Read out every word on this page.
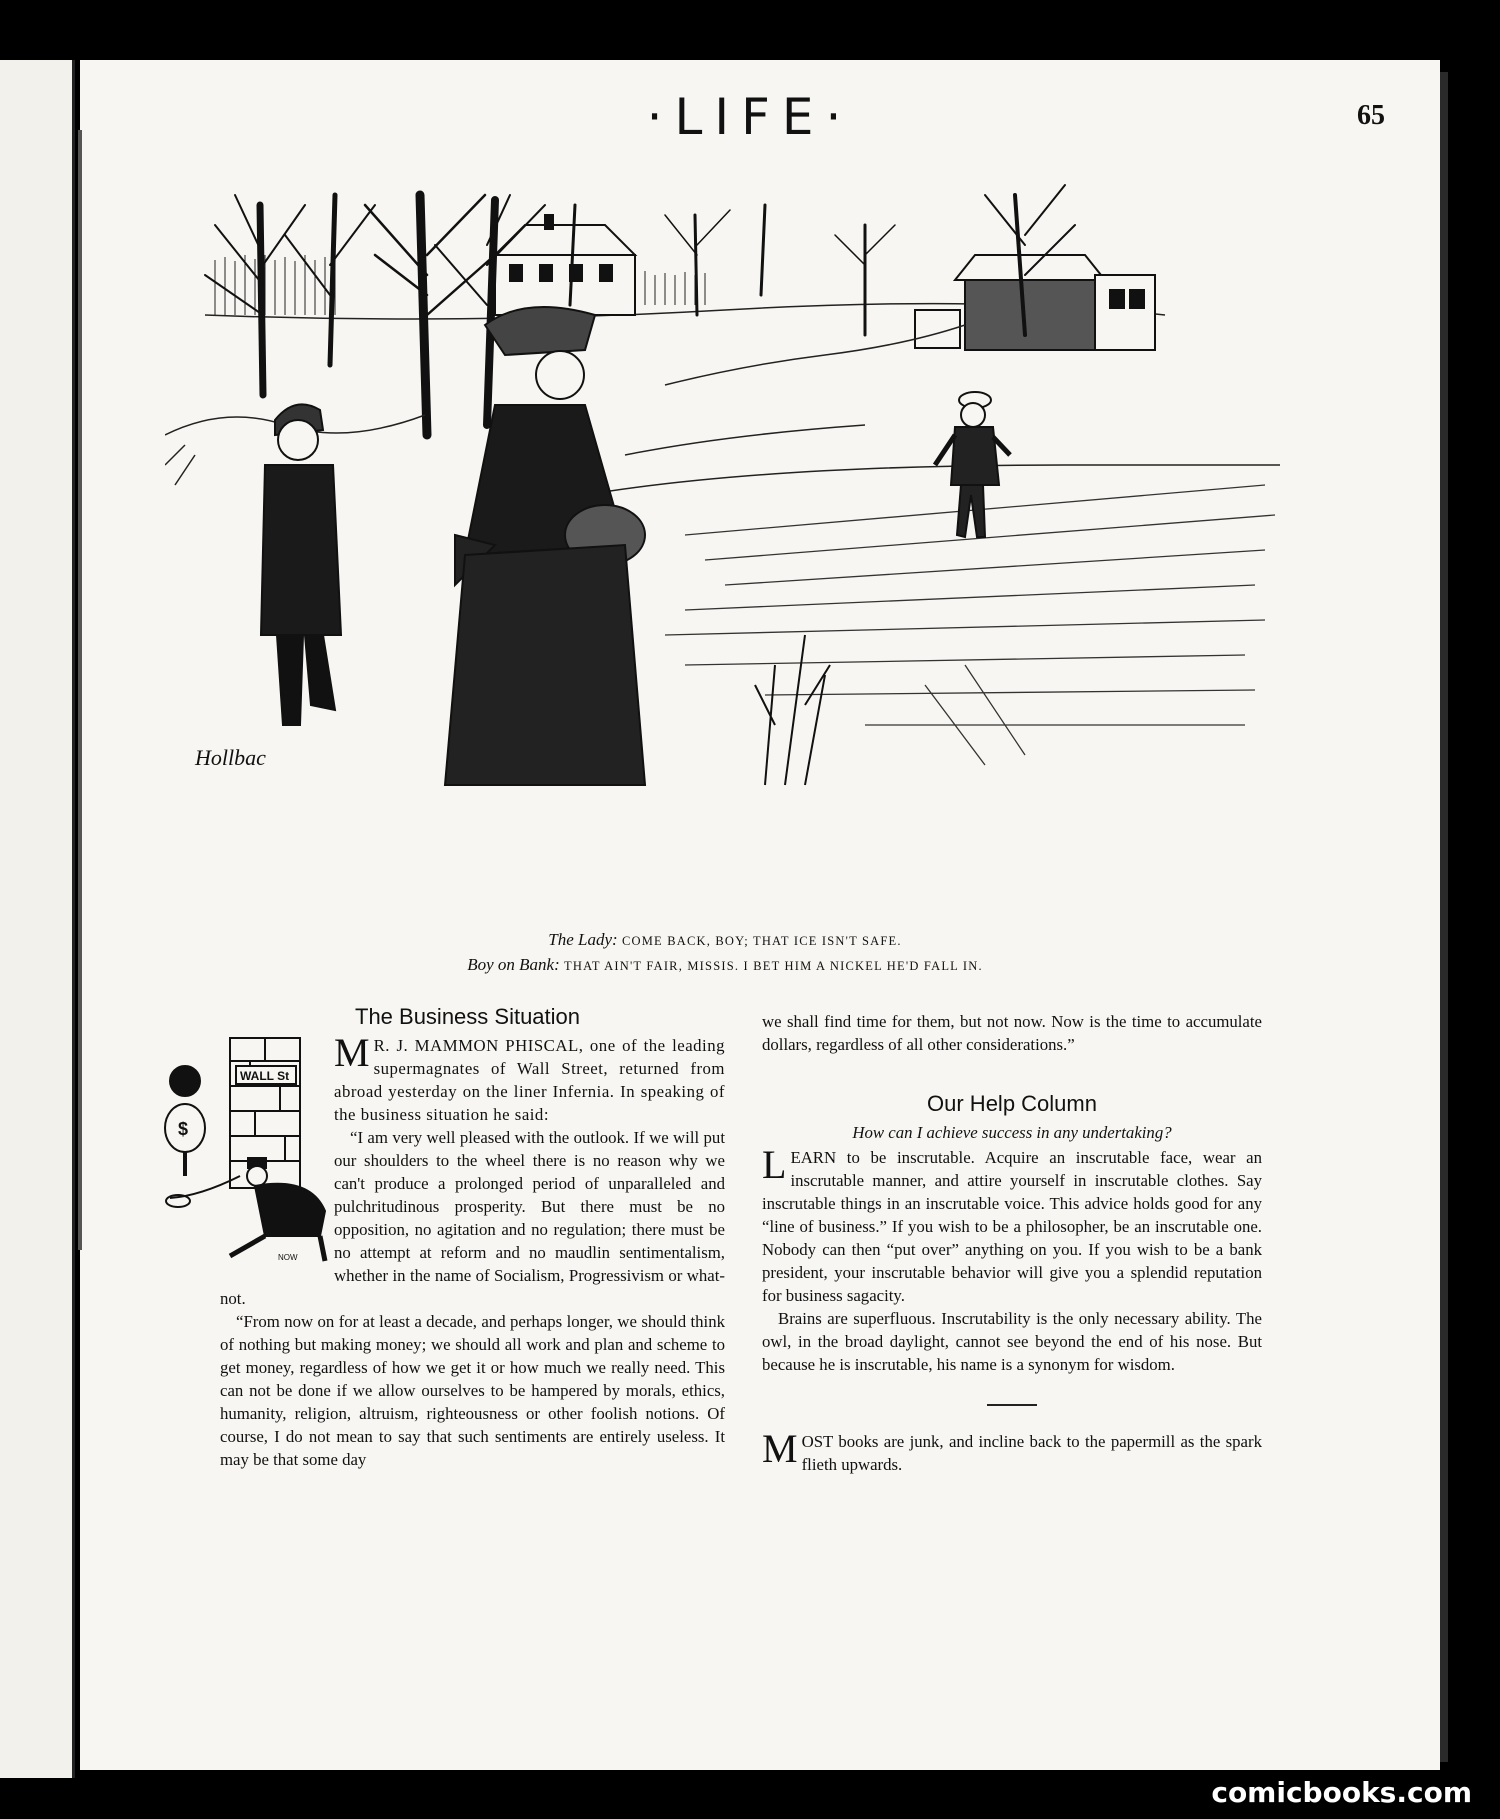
·LIFE·	65
Hollbac
The Lady: COME BACK, BOY; THAT ICE ISN'T SAFE.
Boy on Bank: THAT AIN'T FAIR, MISSIS. I BET HIM A NICKEL HE'D FALL IN.
The Business Situation
WALL St
$
NOW

M R. J. MAMMON PHISCAL, one of the leading supermagnates of Wall Street, returned from abroad yesterday on the liner Infernia. In speaking of the business situation he said:

“I am very well pleased with the outlook. If we will put our shoulders to the wheel there is no reason why we can't produce a prolonged period of unparalleled and pulchritudinous prosperity. But there must be no opposition, no agitation and no regulation; there must be no attempt at reform and no maudlin sentimentalism, whether in the name of Socialism, Progressivism or what-not.

“From now on for at least a decade, and perhaps longer, we should think of nothing but making money; we should all work and plan and scheme to get money, regardless of how we get it or how much we really need. This can not be done if we allow ourselves to be hampered by morals, ethics, humanity, religion, altruism, righteousness or other foolish notions. Of course, I do not mean to say that such sentiments are entirely useless. It may be that some day

we shall find time for them, but not now. Now is the time to accumulate dollars, regardless of all other considerations.”

Our Help Column

How can I achieve success in any undertaking?

LEARN to be inscrutable. Acquire an inscrutable face, wear an inscrutable manner, and attire yourself in inscrutable clothes. Say inscrutable things in an inscrutable voice. This advice holds good for any “line of business.” If you wish to be a philosopher, be an inscrutable one. Nobody can then “put over” anything on you. If you wish to be a bank president, your inscrutable behavior will give you a splendid reputation for business sagacity.

Brains are superfluous. Inscrutability is the only necessary ability. The owl, in the broad daylight, cannot see beyond the end of his nose. But because he is inscrutable, his name is a synonym for wisdom.

MOST books are junk, and incline back to the papermill as the spark flieth upwards.

comicbooks.com
